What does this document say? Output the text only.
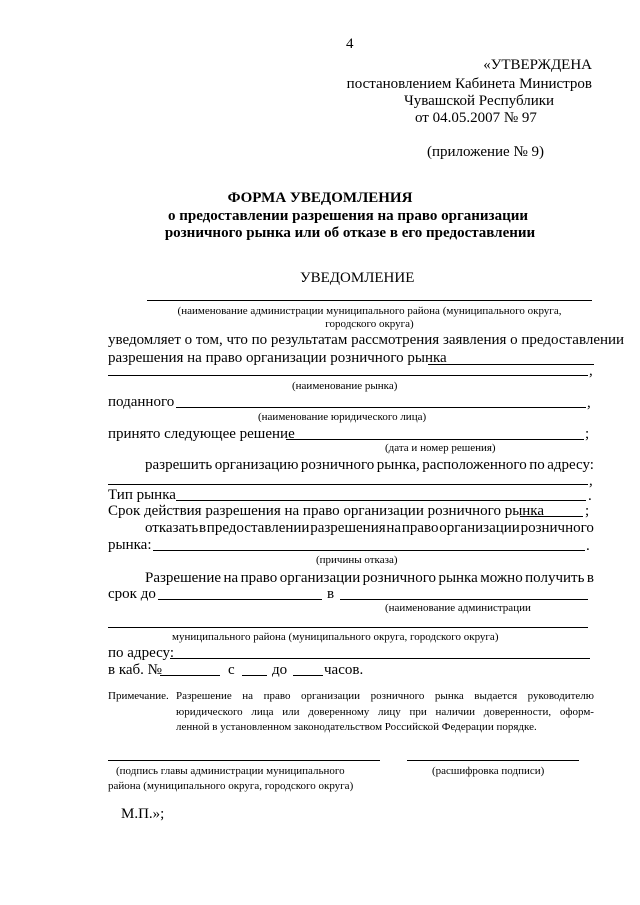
4
«УТВЕРЖДЕНА
постановлением Кабинета Министров
Чувашской Республики
от 04.05.2007 № 97
(приложение № 9)
ФОРМА УВЕДОМЛЕНИЯ
о предоставлении разрешения на право организации
розничного рынка или об отказе в его предоставлении
УВЕДОМЛЕНИЕ
(наименование администрации муниципального района (муниципального округа,
городского округа)
уведомляет о том, что по результатам рассмотрения заявления о предоставлении
разрешения на право организации розничного рынка
,
(наименование рынка)
поданного	,
(наименование юридического лица)
принято следующее решение	;
(дата и номер решения)
разрешить организацию розничного рынка, расположенного по адресу:
,
Тип рынка	.
Срок действия разрешения на право организации розничного рынка	;
отказать в предоставлении разрешения на право организации розничного
рынка:	.
(причины отказа)
Разрешение на право организации розничного рынка можно получить в
срок до	в
(наименование администрации
муниципального района (муниципального округа, городского округа)
по адресу:
в каб. №	с до часов.
Примечание. Разрешение на право организации розничного рынка выдается руководителю
юридического лица или доверенному лицу при наличии доверенности, оформ-
ленной в установленном законодательством Российской Федерации порядке.
(подпись главы администрации муниципального
района (муниципального округа, городского округа)
(расшифровка подписи)
М.П.»;
